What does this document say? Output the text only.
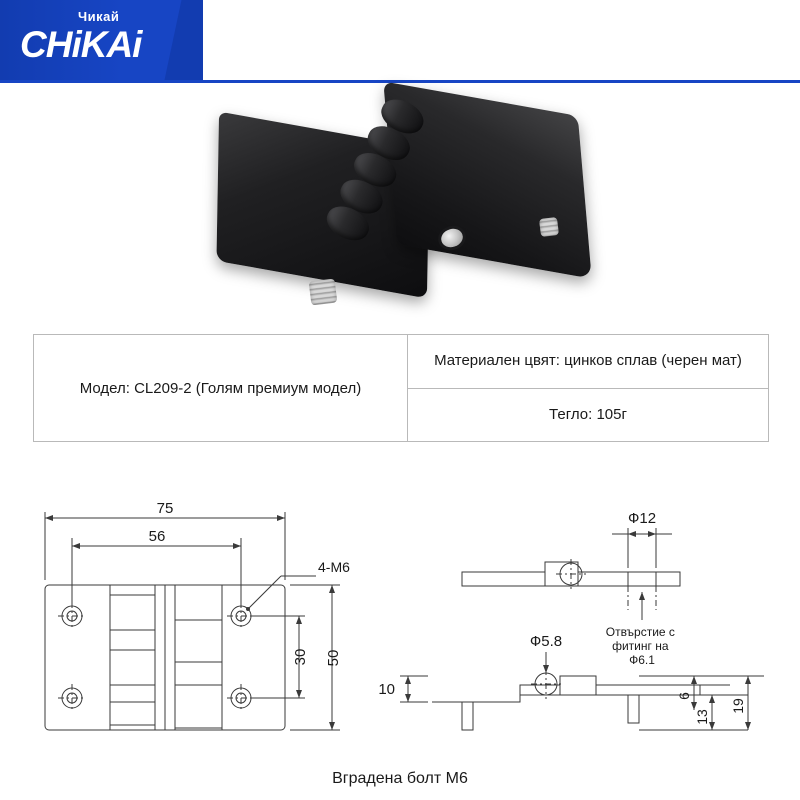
Чикай
CHiKAi
Модел: CL209-2 (Голям премиум модел)
Материален цвят: цинков сплав (черен мат)
Тегло: 105г
75
56
4-M6
50
30
Ф12
Отвърстие с фитинг на Ф6.1
Ф5.8
10	6
13
19
Вградена болт М6
